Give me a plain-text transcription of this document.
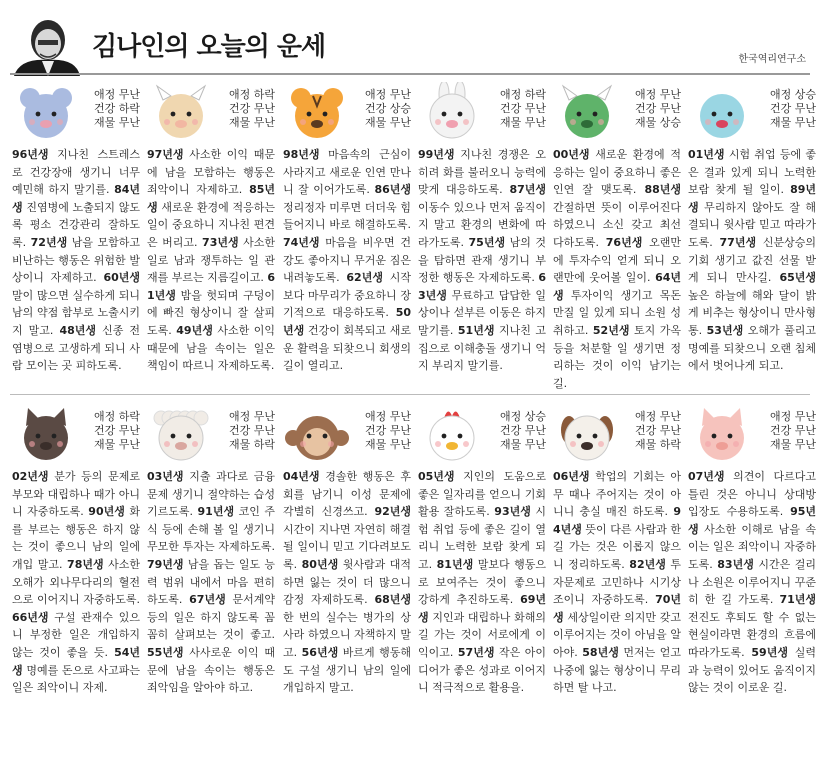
김나인의 오늘의 운세	한국역리연구소
애정 무난
건강 하락
재물 무난
96년생 지나친 스트레스로 건강장애 생기니 너무 예민해 하지 말기를. 84년생 진염병에 노출되지 않도록 평소 건강관리 잘하도록. 72년생 남을 모함하고 비난하는 행동은 위험한 발상이니 자제하고. 60년생 말이 많으면 실수하게 되니 남의 약점 함부로 노출시키지 말고. 48년생 신종 전염병으로 고생하게 되니 사람 모이는 곳 피하도록.
애정 하락
건강 무난
재물 무난
97년생 사소한 이익 때문에 남을 모함하는 행동은 죄악이니 자제하고. 85년생 새로운 환경에 적응하는 일이 중요하니 지나친 편견은 버리고. 73년생 사소한 일로 남과 쟁투하는 일 관재를 부르는 지름길이고. 61년생 밤을 헛되며 구덩이에 빠진 형상이니 잘 살피도록. 49년생 사소한 이익 때문에 남을 속이는 일은 책임이 따르니 자제하도록.
애정 무난
건강 상승
재물 무난
98년생 마음속의 근심이 사라지고 새로운 인연 만나니 잘 이어가도록. 86년생 정리정자 미루면 더더욱 힘들어지니 바로 해결하도록. 74년생 마음을 비우면 건강도 좋아지니 무거운 짐은 내려놓도록. 62년생 시작보다 마무리가 중요하니 장기적으로 대응하도록. 50년생 건강이 회복되고 새로운 활력을 되찾으니 회생의 길이 열리고.
애정 하락
건강 무난
재물 무난
99년생 지나친 경쟁은 오히려 화를 불러오니 능력에 맞게 대응하도록. 87년생 이동수 있으나 먼저 움직이지 말고 환경의 변화에 따라가도록. 75년생 남의 것을 탐하면 관재 생기니 부정한 행동은 자제하도록. 63년생 무료하고 답답한 일상이나 섣부른 이동은 하지 말기를. 51년생 지나친 고집으로 이해충돌 생기니 억지 부리지 말기를.
애정 무난
건강 무난
재물 상승
00년생 새로운 환경에 적응하는 일이 중요하니 좋은 인연 잘 맺도록. 88년생 간절하면 뜻이 이루어진다 하였으니 소신 갖고 최선 다하도록. 76년생 오랜만에 투자수익 얻게 되니 오랜만에 웃어볼 일이. 64년생 투자이익 생기고 목돈 만질 일 있게 되니 소원 성취하고. 52년생 토지 가옥 등을 처분할 일 생기면 정리하는 것이 이익 남기는 길.
애정 상승
건강 무난
재물 무난
01년생 시험 취업 등에 좋은 결과 있게 되니 노력한 보람 찾게 될 일이. 89년생 무리하지 않아도 잘 해결되니 윗사람 믿고 따라가도록. 77년생 신분상승의 기회 생기고 값진 선물 받게 되니 만사길. 65년생 높은 하늘에 해와 달이 밝게 비추는 형상이니 만사형통. 53년생 오해가 풀리고 명예를 되찾으니 오랜 침체에서 벗어나게 되고.
애정 하락
건강 무난
재물 무난
02년생 분가 등의 문제로 부모와 대립하나 때가 아니니 자중하도록. 90년생 화를 부르는 행동은 하지 않는 것이 좋으니 남의 일에 개입 말고. 78년생 사소한 오해가 외나무다리의 혈전으로 이어지니 자중하도록. 66년생 구설 관재수 있으니 부정한 일은 개입하지 않는 것이 좋을 듯. 54년생 명예를 돈으로 사고파는 일은 죄악이니 자제.
애정 무난
건강 무난
재물 하락
03년생 지출 과다로 금융문제 생기니 절약하는 습성 기르도록. 91년생 코인 주식 등에 손해 볼 일 생기니 무모한 투자는 자제하도록. 79년생 남을 돕는 일도 능력 범위 내에서 마음 편히 하도록. 67년생 문서계약 등의 일은 하지 않도록 꼼꼼히 살펴보는 것이 좋고. 55년생 사사로운 이익 때문에 남을 속이는 행동은 죄악임을 알아야 하고.
애정 무난
건강 무난
재물 무난
04년생 경솔한 행동은 후회를 남기니 이성 문제에 각별히 신경쓰고. 92년생 시간이 지나면 자연히 해결될 일이니 믿고 기다려보도록. 80년생 윗사람과 대적하면 잃는 것이 더 많으니 감정 자제하도록. 68년생 한 번의 실수는 병가의 상사라 하였으니 자책하지 말고. 56년생 바르게 행동해도 구설 생기니 남의 일에 개입하지 말고.
애정 상승
건강 무난
재물 무난
05년생 지인의 도움으로 좋은 일자리를 얻으니 기회 활용 잘하도록. 93년생 시험 취업 등에 좋은 길이 열리니 노력한 보람 찾게 되고. 81년생 말보다 행동으로 보여주는 것이 좋으니 강하게 추진하도록. 69년생 지인과 대립하나 화해의 길 가는 것이 서로에게 이익이고. 57년생 작은 아이디어가 좋은 성과로 이어지니 적극적으로 활용을.
애정 무난
건강 무난
재물 하락
06년생 학업의 기회는 아무 때나 주어지는 것이 아니니 충실 매진 하도록. 94년생 뜻이 다른 사람과 한 길 가는 것은 이롭지 않으니 정리하도록. 82년생 투자문제로 고민하나 시기상조이니 자중하도록. 70년생 세상일이란 의지만 갖고 이루어지는 것이 아님을 알아야. 58년생 먼저는 얻고 나중에 잃는 형상이니 무리하면 탈 나고.
애정 무난
건강 무난
재물 무난
07년생 의견이 다르다고 틀린 것은 아니니 상대방 입장도 수용하도록. 95년생 사소한 이해로 남을 속이는 일은 죄악이니 자중하도록. 83년생 시간은 걸리나 소원은 이루어지니 꾸준히 한 길 가도록. 71년생 전진도 후퇴도 할 수 없는 현실이라면 환경의 흐름에 따라가도록. 59년생 실력과 능력이 있어도 움직이지 않는 것이 이로운 길.
